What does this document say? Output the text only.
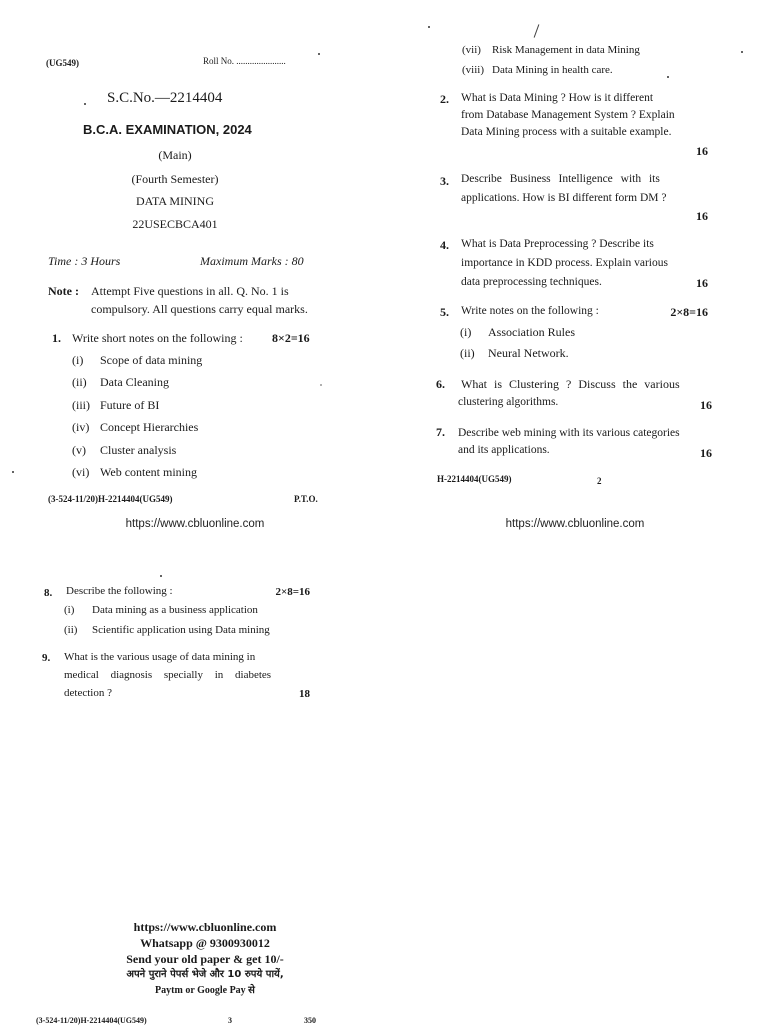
(UG549)	Roll No. ......................
S.C.No.—2214404
B.C.A. EXAMINATION, 2024
(Main)
(Fourth Semester)
DATA MINING
22USECBCA401
Time : 3 Hours	Maximum Marks : 80
Note : Attempt Five questions in all. Q. No. 1 is
compulsory. All questions carry equal marks.
1. Write short notes on the following : 8×2=16
(i) Scope of data mining
(ii) Data Cleaning
(iii) Future of BI
(iv) Concept Hierarchies
(v) Cluster analysis
(vi) Web content mining
(3-524-11/20)H-2214404(UG549)	P.T.O.
https://www.cbluonline.com
(vii) Risk Management in data Mining
(viii) Data Mining in health care.
2. What is Data Mining ? How is it different
from Database Management System ? Explain
Data Mining process with a suitable example.
16
3. Describe Business Intelligence with its
applications. How is BI different form DM ?
16
4. What is Data Preprocessing ? Describe its
importance in KDD process. Explain various
data preprocessing techniques.	16
5. Write notes on the following :	2×8=16
(i) Association Rules
(ii) Neural Network.
6. What is Clustering ? Discuss the various
clustering algorithms.	16
7. Describe web mining with its various categories
and its applications.	16
H-2214404(UG549)	2
https://www.cbluonline.com
8. Describe the following :	2×8=16
(i) Data mining as a business application
(ii) Scientific application using Data mining
9. What is the various usage of data mining in
medical diagnosis specially in diabetes
detection ?	18
https://www.cbluonline.com
Whatsapp @ 9300930012
Send your old paper & get 10/-
अपने पुराने पेपर्स भेजे और 10 रुपये पायें,
Paytm or Google Pay से
(3-524-11/20)H-2214404(UG549)	3	350
